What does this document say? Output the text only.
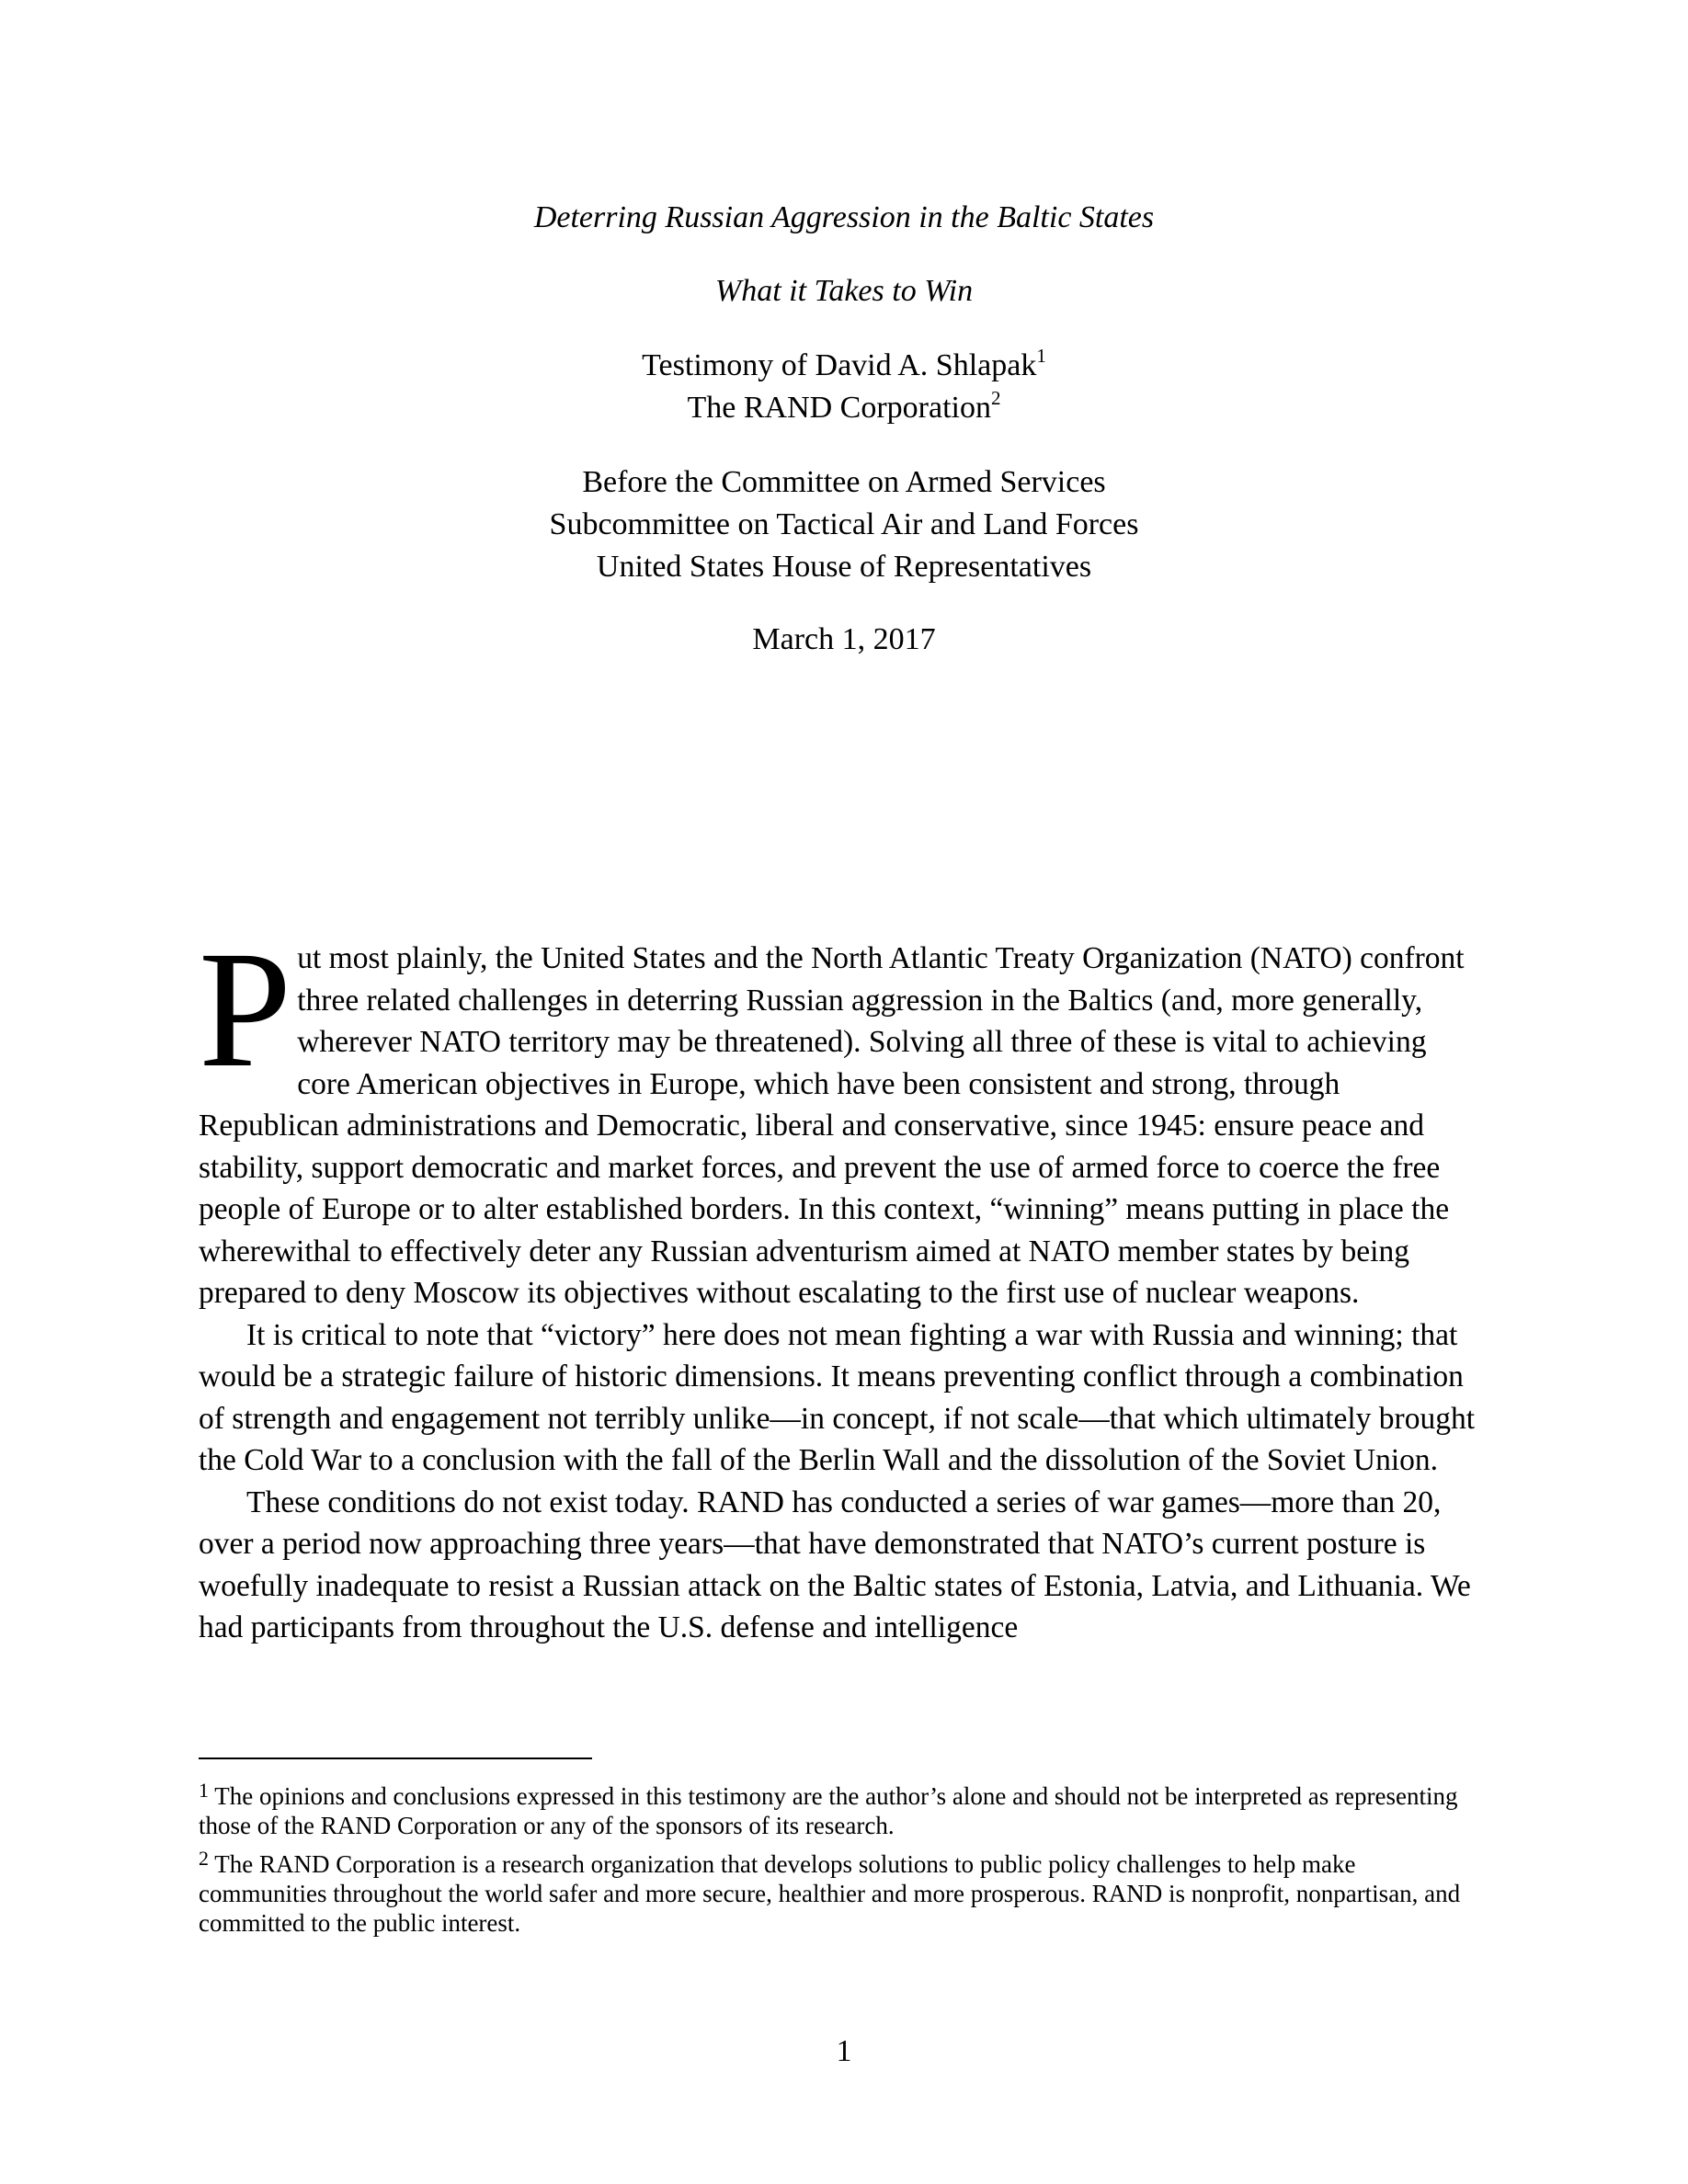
Deterring Russian Aggression in the Baltic States
What it Takes to Win
Testimony of David A. Shlapak$^1$
The RAND Corporation$^2$
Before the Committee on Armed Services
Subcommittee on Tactical Air and Land Forces
United States House of Representatives
March 1, 2017

Put most plainly, the United States and the North Atlantic Treaty Organization (NATO) confront three related challenges in deterring Russian aggression in the Baltics (and, more generally, wherever NATO territory may be threatened). Solving all three of these is vital to achieving core American objectives in Europe, which have been consistent and strong, through Republican administrations and Democratic, liberal and conservative, since 1945: ensure peace and stability, support democratic and market forces, and prevent the use of armed force to coerce the free people of Europe or to alter established borders. In this context, “winning” means putting in place the wherewithal to effectively deter any Russian adventurism aimed at NATO member states by being prepared to deny Moscow its objectives without escalating to the first use of nuclear weapons.

It is critical to note that “victory” here does not mean fighting a war with Russia and winning; that would be a strategic failure of historic dimensions. It means preventing conflict through a combination of strength and engagement not terribly unlike—in concept, if not scale—that which ultimately brought the Cold War to a conclusion with the fall of the Berlin Wall and the dissolution of the Soviet Union.

These conditions do not exist today. RAND has conducted a series of war games—more than 20, over a period now approaching three years—that have demonstrated that NATO’s current posture is woefully inadequate to resist a Russian attack on the Baltic states of Estonia, Latvia, and Lithuania. We had participants from throughout the U.S. defense and intelligence

$^1$ The opinions and conclusions expressed in this testimony are the author’s alone and should not be interpreted as representing those of the RAND Corporation or any of the sponsors of its research.

$^2$ The RAND Corporation is a research organization that develops solutions to public policy challenges to help make communities throughout the world safer and more secure, healthier and more prosperous. RAND is nonprofit, nonpartisan, and committed to the public interest.

1
